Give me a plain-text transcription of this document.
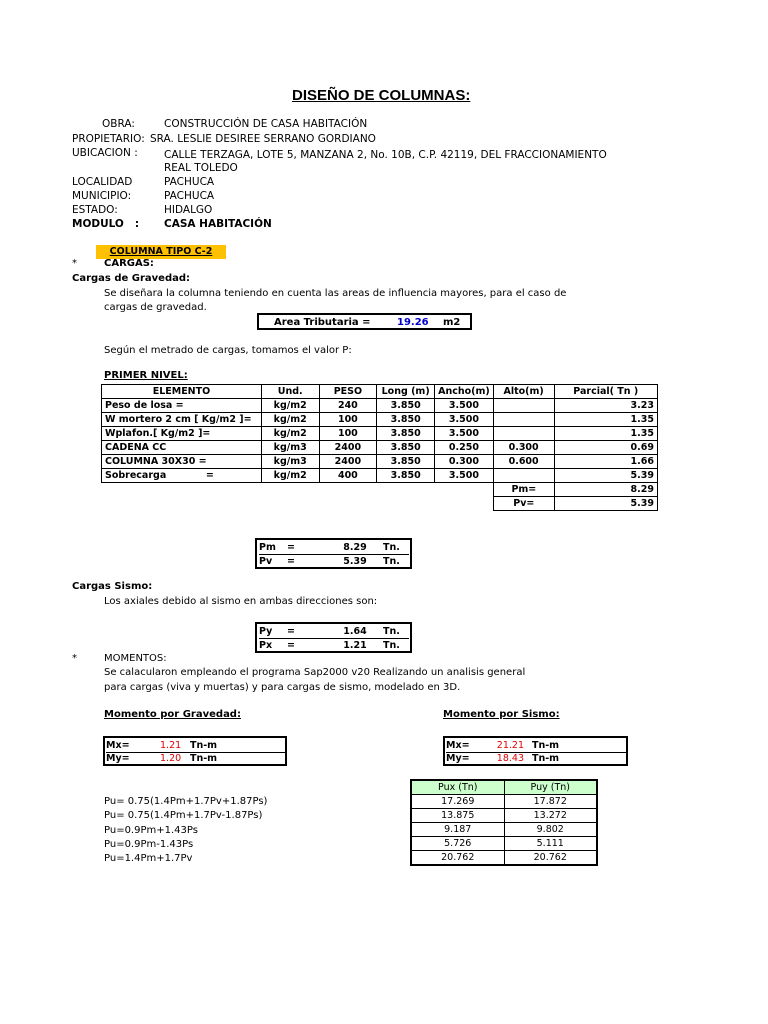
DISEÑO DE COLUMNAS:
OBRA:	CONSTRUCCIÓN DE CASA HABITACIÓN
PROPIETARIO: SRA. LESLIE DESIREE SERRANO GORDIANO
UBICACION :	CALLE TERZAGA, LOTE 5, MANZANA 2, No. 10B, C.P. 42119, DEL FRACCIONAMIENTO
REAL TOLEDO
LOCALIDAD	PACHUCA
MUNICIPIO:	PACHUCA
ESTADO:	HIDALGO
MODULO   : CASA HABITACIÓN
COLUMNA TIPO C-2
*	CARGAS:
Cargas de Gravedad:
Se diseñara la columna teniendo en cuenta las areas de influencia mayores, para el caso de
cargas de gravedad.
Area Tributaria =	19.26 m2
Según el metrado de cargas, tomamos el valor P:
PRIMER NIVEL:
ELEMENTO	Und.	PESO	Long (m)	Ancho(m)	Alto(m)	Parcial( Tn )
Peso de losa =	kg/m2	240	3.850	3.500		3.23
W mortero 2 cm [ Kg/m2 ]=	kg/m2	100	3.850	3.500		1.35
Wplafon.[ Kg/m2 ]=	kg/m2	100	3.850	3.500		1.35
CADENA CC	kg/m3	2400	3.850	0.250	0.300	0.69
COLUMNA 30X30 =	kg/m3	2400	3.850	0.300	0.600	1.66
Sobrecarga            =	kg/m2	400	3.850	3.500		5.39
Pm=	8.29
Pv=	5.39
Pm	=	8.29	Tn.
Pv	=	5.39	Tn.
Cargas Sismo:
Los axiales debido al sismo en ambas direcciones son:
Py	=	1.64	Tn.
Px	=	1.21	Tn.
*	MOMENTOS:
Se calacularon empleando el programa Sap2000 v20 Realizando un analisis general
para cargas (viva y muertas) y para cargas de sismo, modelado en 3D.
Momento por Gravedad:	Momento por Sismo:
Mx=	1.21 Tn-m
My=	1.20 Tn-m
Mx=	21.21 Tn-m
My=	18.43 Tn-m
Pu= 0.75(1.4Pm+1.7Pv+1.87Ps)
Pu= 0.75(1.4Pm+1.7Pv-1.87Ps)
Pu=0.9Pm+1.43Ps
Pu=0.9Pm-1.43Ps
Pu=1.4Pm+1.7Pv
Pux (Tn)	Puy (Tn)
17.269	17.872
13.875	13.272
9.187	9.802
5.726	5.111
20.762	20.762
